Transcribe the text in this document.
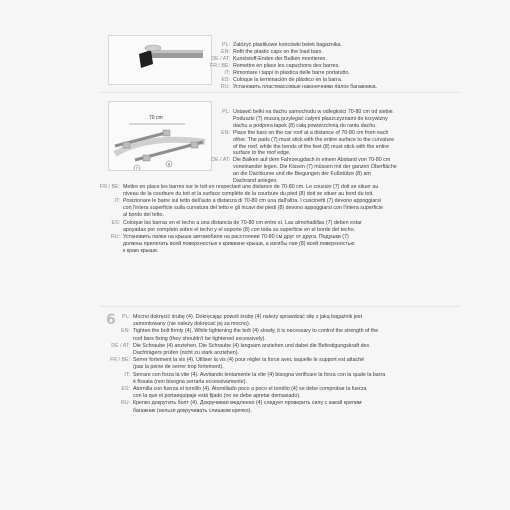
PL: Załóżyć plastikowe końcówki belek bagażnika.
EN: Refit the plastic caps on the load bars.
DE / AT: Kunststoff-Enden der Balken montieren.
FR / BE: Remettre en place les capuchons des barres.
IT: Rimontare i tappi in plastica delle barre portatutto.
ES: Coloque la terminación de plástico en la barra.
RU: Установить пластмассовые наконечники палок багажника.
70 cm
7
8
PL: Ustawić belki na dachu samochodu w odległości 70-80 cm od siebie.
Poduszki (7) muszą przylegać całymi płaszczyznami do krzywizny
dachu a podpora łapek (8) całą powierzchnią do rantu dachu.
EN: Place the bars on the car roof at a distance of 70-80 cm from each
other. The pads (7) must stick with the entire surface to the curvature
of the roof, while the bends of the feet (8) must stick with the entire
surface to the roof edge.
DE / AT: Die Balken auf dem Fahrzeugdach in einem Abstand von 70-80 cm
voneinander legen. Die Kissen (7) müssen mit der ganzen Oberfläche
an die Dachkurve und die Biegungen der Fußstütze (8) am
Dachrand anlegen.
FR / BE: Mettre en place les barres sur le toit en respectant une distance de 70-80 cm. Le coussin (7) doit se situer au
niveau de la courbure du toit et la surface complète de la courbure du pied (8) doit se situer au bord du toit.
IT: Posizionare le barre sul tetto dell'auto a distanza di 70-80 cm una dall'altra. I cuscinetti (7) devono appoggiarsi
con l'intera superficie sulla curvatura del tetto e gli incavi dei piedi (8) devono appoggiarsi con l'intera superficie
al bordo del tetto.
ES: Coloque las barras en el techo a una distancia de 70-80 cm entre sí. Las almohadillas (7) deben estar
apoyadas por completo sobre el techo y el soporte (8) con toda su superficie en el borde del techo.
RU: Установить палки на крыше автомобиля на расстоянии 70-80 см друг от друга. Подушки (7)
должны прилегать всей поверхностью к кривизне крыши, а изгибы лап (8) всей поверхностью
к краю крыши.
6	PL: Mocno dokręcić śrubę (4). Dokręcając powoli śrubę (4) należy sprawdzać siłę z jaką bagażnik jest
zamontowany (nie należy dokręcać jej za mocno).
EN: Tighten the bolt firmly (4). While tightening the bolt (4) slowly, it is necessary to control the strength of the
roof bars fixing (they shouldn't be tightened excessively).
DE / AT: Die Schraube (4) anziehen. Die Schraube (4) langsam anziehen und dabei die Befestigungskraft des
Dachträgers prüfen (nicht zu stark anziehen).
FR / BE: Serrer fortement la vis (4). Utiliser la vis (4) pour régler la force avec laquelle le support est attaché
(pas la peine de serrer trop fortement).
IT: Serrare con forza la vite (4). Avvitando lentamente la vite (4) bisogna verificare la forza con la quale la barra
è fissata (non bisogna serrarla eccessivamente).
ES: Atornilla con fuerza el tornillo (4). Atornillado poco a poco el tornillo (4) se debe comprobar la fuerza
con la que el portaequipaje está fijado (no se debe apretar demasiado).
RU: Крепко докрутить болт (4). Докручивая медленно (4) следует проверить силу с какой крепим
багажник (нельзя докручивать слишком крепко).
